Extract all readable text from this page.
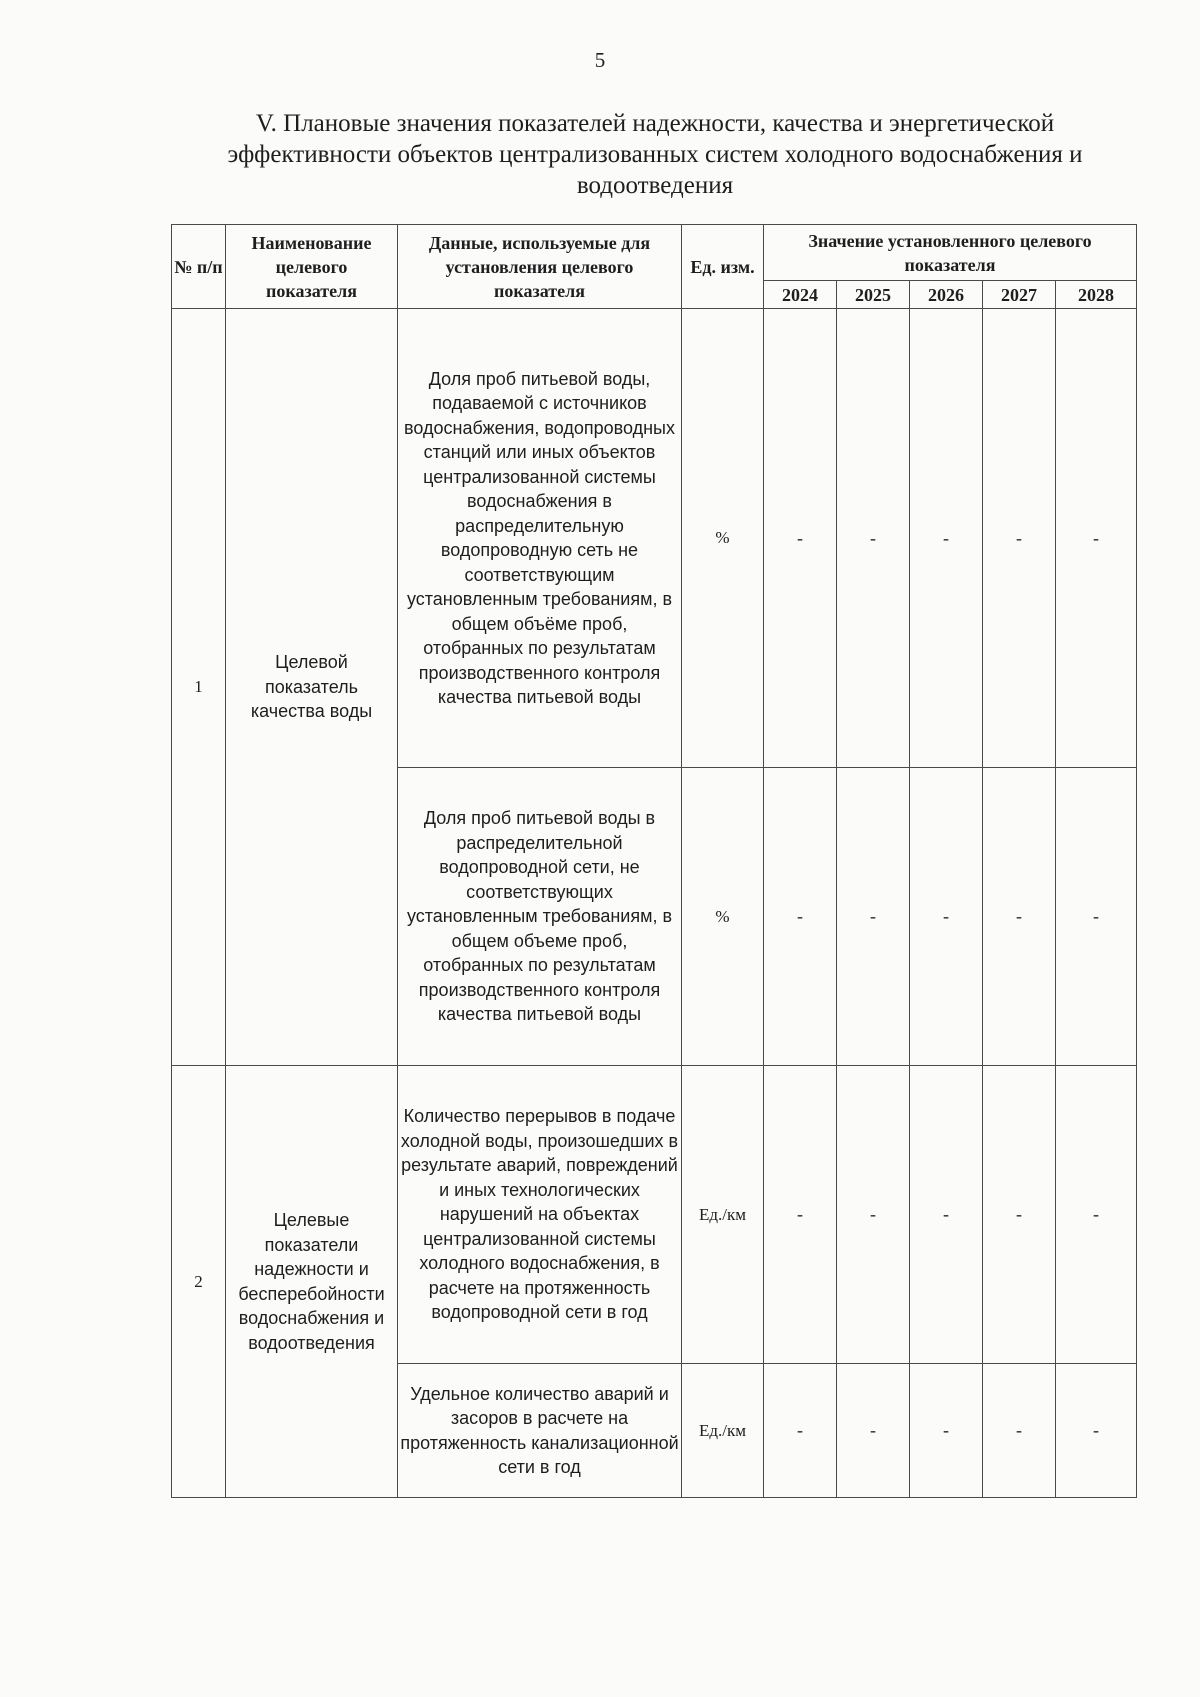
5
V. Плановые значения показателей надежности, качества и энергетической эффективности объектов централизованных систем холодного водоснабжения и водоотведения
№ п/п	Наименование целевого показателя	Данные, используемые для установления целевого показателя	Ед. изм.	Значение установленного целевого показателя				
				2024	2025	2026	2027	2028
1	Целевой показатель качества воды	Доля проб питьевой воды, подаваемой с источников водоснабжения, водопроводных станций или иных объектов централизованной системы водоснабжения в распределительную водопроводную сеть не соответствующим установленным требованиям, в общем объёме проб, отобранных по результатам производственного контроля качества питьевой воды	%	-	-	-	-	-
		Доля проб питьевой воды в распределительной водопроводной сети, не соответствующих установленным требованиям, в общем объеме проб, отобранных по результатам производственного контроля качества питьевой воды	%	-	-	-	-	-
2	Целевые показатели надежности и бесперебойности водоснабжения и водоотведения	Количество перерывов в подаче холодной воды, произошедших в результате аварий, повреждений и иных технологических нарушений на объектах централизованной системы холодного водоснабжения, в расчете на протяженность водопроводной сети в год	Ед./км	-	-	-	-	-
		Удельное количество аварий и засоров в расчете на протяженность канализационной сети в год	Ед./км	-	-	-	-	-
